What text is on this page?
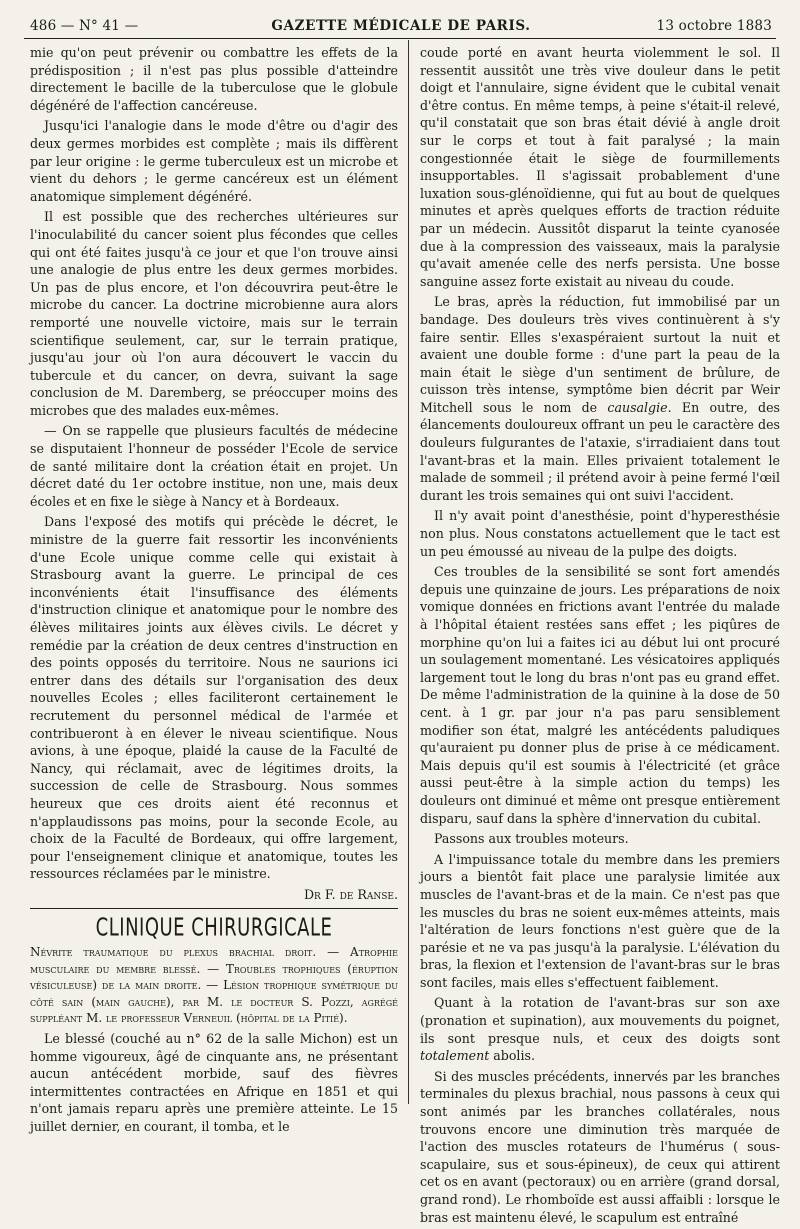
486 — N° 41 —	GAZETTE MÉDICALE DE PARIS.	13 octobre 1883

mie qu'on peut prévenir ou combattre les effets de la prédisposition ; il n'est pas plus possible d'atteindre directement le bacille de la tuberculose que le globule dégénéré de l'affection cancéreuse.

Jusqu'ici l'analogie dans le mode d'être ou d'agir des deux germes morbides est complète ; mais ils diffèrent par leur origine : le germe tuberculeux est un microbe et vient du dehors ; le germe cancéreux est un élément anatomique simplement dégénéré.

Il est possible que des recherches ultérieures sur l'inoculabilité du cancer soient plus fécondes que celles qui ont été faites jusqu'à ce jour et que l'on trouve ainsi une analogie de plus entre les deux germes morbides. Un pas de plus encore, et l'on découvrira peut-être le microbe du cancer. La doctrine microbienne aura alors remporté une nouvelle victoire, mais sur le terrain scientifique seulement, car, sur le terrain pratique, jusqu'au jour où l'on aura découvert le vaccin du tubercule et du cancer, on devra, suivant la sage conclusion de M. Daremberg, se préoccuper moins des microbes que des malades eux-mêmes.

— On se rappelle que plusieurs facultés de médecine se disputaient l'honneur de posséder l'Ecole de service de santé militaire dont la création était en projet. Un décret daté du 1er octobre institue, non une, mais deux écoles et en fixe le siège à Nancy et à Bordeaux.

Dans l'exposé des motifs qui précède le décret, le ministre de la guerre fait ressortir les inconvénients d'une Ecole unique comme celle qui existait à Strasbourg avant la guerre. Le principal de ces inconvénients était l'insuffisance des éléments d'instruction clinique et anatomique pour le nombre des élèves militaires joints aux élèves civils. Le décret y remédie par la création de deux centres d'instruction en des points opposés du territoire. Nous ne saurions ici entrer dans des détails sur l'organisation des deux nouvelles Ecoles ; elles faciliteront certainement le recrutement du personnel médical de l'armée et contribueront à en élever le niveau scientifique. Nous avions, à une époque, plaidé la cause de la Faculté de Nancy, qui réclamait, avec de légitimes droits, la succession de celle de Strasbourg. Nous sommes heureux que ces droits aient été reconnus et n'applaudissons pas moins, pour la seconde Ecole, au choix de la Faculté de Bordeaux, qui offre largement, pour l'enseignement clinique et anatomique, toutes les ressources réclamées par le ministre.

Dr F. de Ranse.

CLINIQUE CHIRURGICALE

Névrite traumatique du plexus brachial droit. — Atrophie musculaire du membre blessé. — Troubles trophiques (éruption vésiculeuse) de la main droite. — Lésion trophique symétrique du côté sain (main gauche), par M. le docteur S. Pozzi, agrégé suppléant M. le professeur Verneuil (hôpital de la Pitié).

Le blessé (couché au n° 62 de la salle Michon) est un homme vigoureux, âgé de cinquante ans, ne présentant aucun antécédent morbide, sauf des fièvres intermittentes contractées en Afrique en 1851 et qui n'ont jamais reparu après une première atteinte. Le 15 juillet dernier, en courant, il tomba, et le

coude porté en avant heurta violemment le sol. Il ressentit aussitôt une très vive douleur dans le petit doigt et l'annulaire, signe évident que le cubital venait d'être contus. En même temps, à peine s'était-il relevé, qu'il constatait que son bras était dévié à angle droit sur le corps et tout à fait paralysé ; la main congestionnée était le siège de fourmillements insupportables. Il s'agissait probablement d'une luxation sous-glénoïdienne, qui fut au bout de quelques minutes et après quelques efforts de traction réduite par un médecin. Aussitôt disparut la teinte cyanosée due à la compression des vaisseaux, mais la paralysie qu'avait amenée celle des nerfs persista. Une bosse sanguine assez forte existait au niveau du coude.

Le bras, après la réduction, fut immobilisé par un bandage. Des douleurs très vives continuèrent à s'y faire sentir. Elles s'exaspéraient surtout la nuit et avaient une double forme : d'une part la peau de la main était le siège d'un sentiment de brûlure, de cuisson très intense, symptôme bien décrit par Weir Mitchell sous le nom de causalgie. En outre, des élancements douloureux offrant un peu le caractère des douleurs fulgurantes de l'ataxie, s'irradiaient dans tout l'avant-bras et la main. Elles privaient totalement le malade de sommeil ; il prétend avoir à peine fermé l'œil durant les trois semaines qui ont suivi l'accident.

Il n'y avait point d'anesthésie, point d'hyperesthésie non plus. Nous constatons actuellement que le tact est un peu émoussé au niveau de la pulpe des doigts.

Ces troubles de la sensibilité se sont fort amendés depuis une quinzaine de jours. Les préparations de noix vomique données en frictions avant l'entrée du malade à l'hôpital étaient restées sans effet ; les piqûres de morphine qu'on lui a faites ici au début lui ont procuré un soulagement momentané. Les vésicatoires appliqués largement tout le long du bras n'ont pas eu grand effet. De même l'administration de la quinine à la dose de 50 cent. à 1 gr. par jour n'a pas paru sensiblement modifier son état, malgré les antécédents paludiques qu'auraient pu donner plus de prise à ce médicament. Mais depuis qu'il est soumis à l'électricité (et grâce aussi peut-être à la simple action du temps) les douleurs ont diminué et même ont presque entièrement disparu, sauf dans la sphère d'innervation du cubital.

Passons aux troubles moteurs.

A l'impuissance totale du membre dans les premiers jours a bientôt fait place une paralysie limitée aux muscles de l'avant-bras et de la main. Ce n'est pas que les muscles du bras ne soient eux-mêmes atteints, mais l'altération de leurs fonctions n'est guère que de la parésie et ne va pas jusqu'à la paralysie. L'élévation du bras, la flexion et l'extension de l'avant-bras sur le bras sont faciles, mais elles s'effectuent faiblement.

Quant à la rotation de l'avant-bras sur son axe (pronation et supination), aux mouvements du poignet, ils sont presque nuls, et ceux des doigts sont totalement abolis.

Si des muscles précédents, innervés par les branches terminales du plexus brachial, nous passons à ceux qui sont animés par les branches collatérales, nous trouvons encore une diminution très marquée de l'action des muscles rotateurs de l'humérus ( sous-scapulaire, sus et sous-épineux), de ceux qui attirent cet os en avant (pectoraux) ou en arrière (grand dorsal, grand rond). Le rhomboïde est aussi affaibli : lorsque le bras est maintenu élevé, le scapulum est entraîné
